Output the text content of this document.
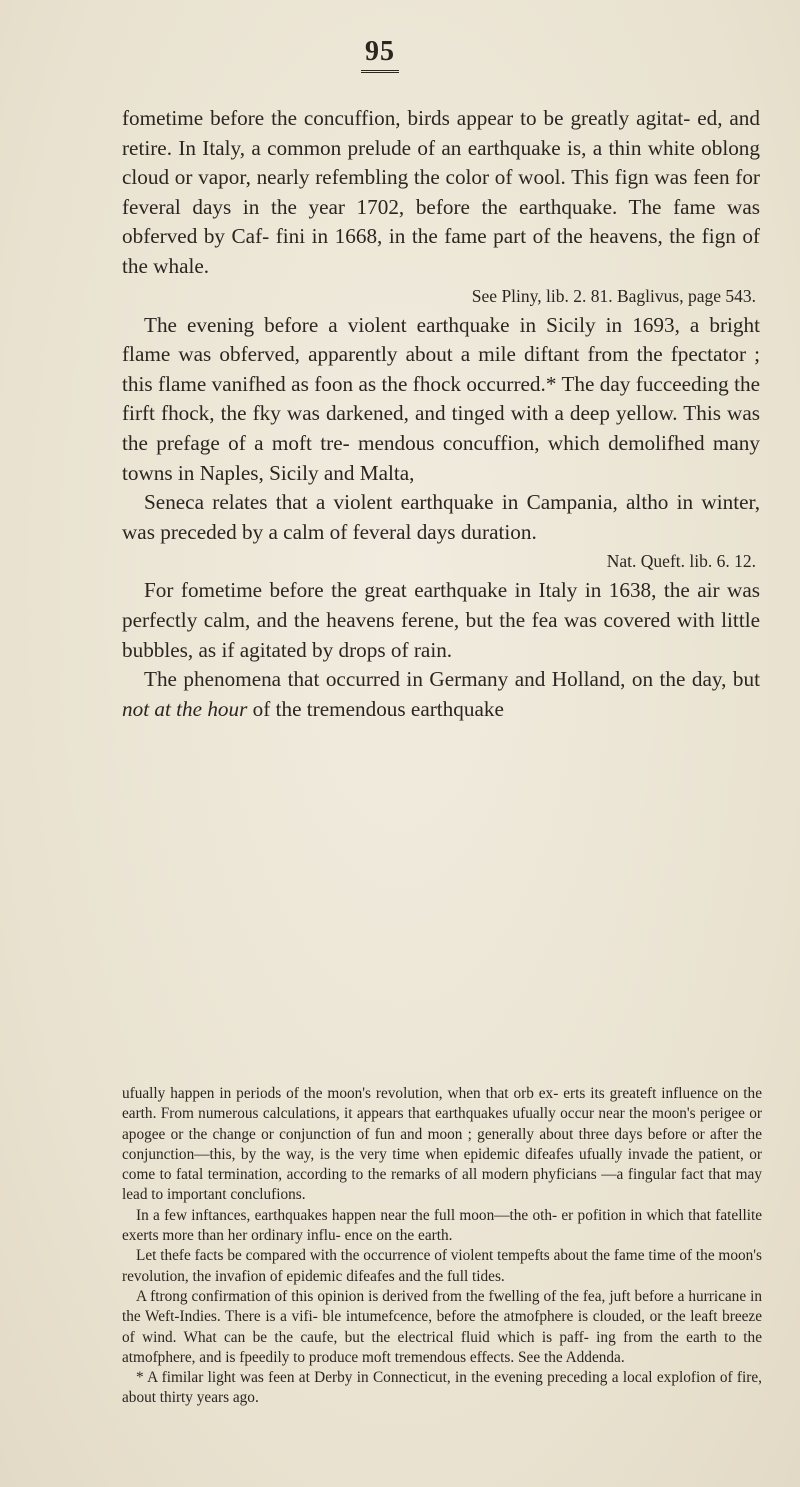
95

fometime before the concuffion, birds appear to be greatly agitat- ed, and retire. In Italy, a common prelude of an earthquake is, a thin white oblong cloud or vapor, nearly refembling the color of wool. This fign was feen for feveral days in the year 1702, before the earthquake. The fame was obferved by Caf- fini in 1668, in the fame part of the heavens, the fign of the whale.

See Pliny, lib. 2. 81. Baglivus, page 543.

The evening before a violent earthquake in Sicily in 1693, a bright flame was obferved, apparently about a mile diftant from the fpectator ; this flame vanifhed as foon as the fhock occurred.* The day fucceeding the firft fhock, the fky was darkened, and tinged with a deep yellow. This was the prefage of a moft tre- mendous concuffion, which demolifhed many towns in Naples, Sicily and Malta,

Seneca relates that a violent earthquake in Campania, altho in winter, was preceded by a calm of feveral days duration.

Nat. Queft. lib. 6. 12.

For fometime before the great earthquake in Italy in 1638, the air was perfectly calm, and the heavens ferene, but the fea was covered with little bubbles, as if agitated by drops of rain.

The phenomena that occurred in Germany and Holland, on the day, but not at the hour of the tremendous earthquake

ufually happen in periods of the moon's revolution, when that orb ex- erts its greateft influence on the earth. From numerous calculations, it appears that earthquakes ufually occur near the moon's perigee or apogee or the change or conjunction of fun and moon ; generally about three days before or after the conjunction—this, by the way, is the very time when epidemic difeafes ufually invade the patient, or come to fatal termination, according to the remarks of all modern phyficians —a fingular fact that may lead to important conclufions.

In a few inftances, earthquakes happen near the full moon—the oth- er pofition in which that fatellite exerts more than her ordinary influ- ence on the earth.

Let thefe facts be compared with the occurrence of violent tempefts about the fame time of the moon's revolution, the invafion of epidemic difeafes and the full tides.

A ftrong confirmation of this opinion is derived from the fwelling of the fea, juft before a hurricane in the Weft-Indies. There is a vifi- ble intumefcence, before the atmofphere is clouded, or the leaft breeze of wind. What can be the caufe, but the electrical fluid which is paff- ing from the earth to the atmofphere, and is fpeedily to produce moft tremendous effects. See the Addenda.

* A fimilar light was feen at Derby in Connecticut, in the evening preceding a local explofion of fire, about thirty years ago.
